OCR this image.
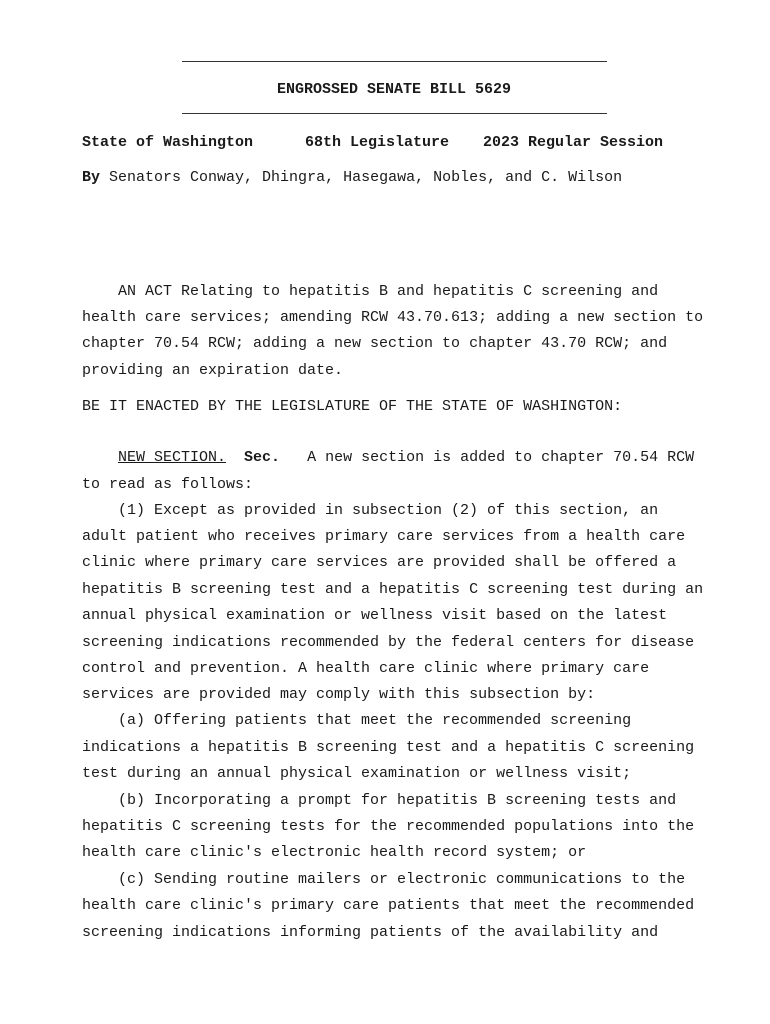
ENGROSSED SENATE BILL 5629

State of Washington

	68th Legislature

2023 Regular Session

By Senators Conway, Dhingra, Hasegawa, Nobles, and C. Wilson
AN ACT Relating to hepatitis B and hepatitis C screening and
health care services; amending RCW 43.70.613; adding a new section to
chapter 70.54 RCW; adding a new section to chapter 43.70 RCW; and
providing an expiration date.
BE IT ENACTED BY THE LEGISLATURE OF THE STATE OF WASHINGTON:
NEW SECTION. Sec. A new section is added to chapter 70.54 RCW
to read as follows:
(1) Except as provided in subsection (2) of this section, an
adult patient who receives primary care services from a health care
clinic where primary care services are provided shall be offered a
hepatitis B screening test and a hepatitis C screening test during an
annual physical examination or wellness visit based on the latest
screening indications recommended by the federal centers for disease
control and prevention. A health care clinic where primary care
services are provided may comply with this subsection by:
(a) Offering patients that meet the recommended screening
indications a hepatitis B screening test and a hepatitis C screening
test during an annual physical examination or wellness visit;
(b) Incorporating a prompt for hepatitis B screening tests and
hepatitis C screening tests for the recommended populations into the
health care clinic's electronic health record system; or
(c) Sending routine mailers or electronic communications to the
health care clinic's primary care patients that meet the recommended
screening indications informing patients of the availability and
